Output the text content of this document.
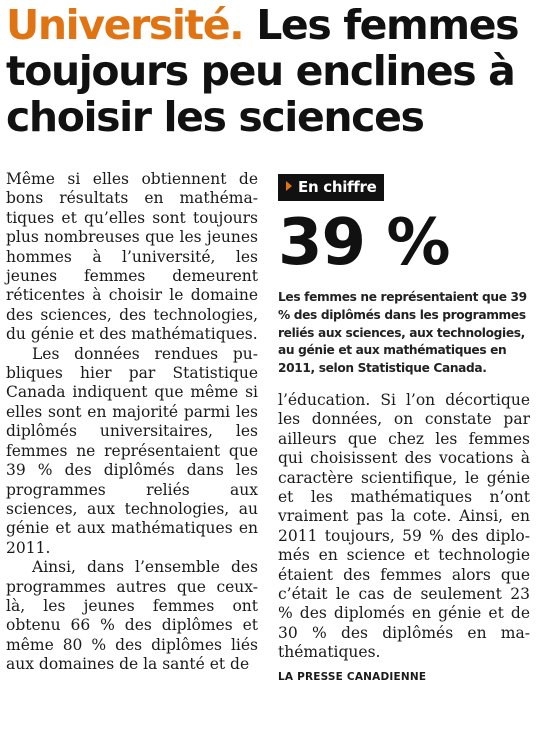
Université. Les femmes toujours peu enclines à choisir les sciences

Même si elles obtiennent de bons résultats en mathématiques et qu’elles sont toujours plus nombreuses que les jeunes hommes à l’université, les jeunes femmes demeurent réticentes à choisir le domaine des sciences, des technologies, du génie et des mathématiques.

Les données rendues publiques hier par Statistique Canada indiquent que même si elles sont en majorité parmi les diplômés universitaires, les femmes ne représentaient que 39 % des diplômés dans les programmes reliés aux sciences, aux technologies, au génie et aux mathématiques en 2011.

Ainsi, dans l’ensemble des programmes autres que ceux-là, les jeunes femmes ont obtenu 66 % des diplômes et même 80 % des diplômes liés aux domaines de la santé et de

En chiffre
39 %
Les femmes ne représentaient que 39 % des diplômés dans les programmes reliés aux sciences, aux technologies, au génie et aux mathématiques en 2011, selon Statistique Canada.

l’éducation. Si l’on décortique les données, on constate par ailleurs que chez les femmes qui choisissent des vocations à caractère scientifique, le génie et les mathématiques n’ont vraiment pas la cote. Ainsi, en 2011 toujours, 59 % des diplomés en science et technologie étaient des femmes alors que c’était le cas de seulement 23 % des diplomés en génie et de 30 % des diplômés en mathématiques.

LA PRESSE CANADIENNE
